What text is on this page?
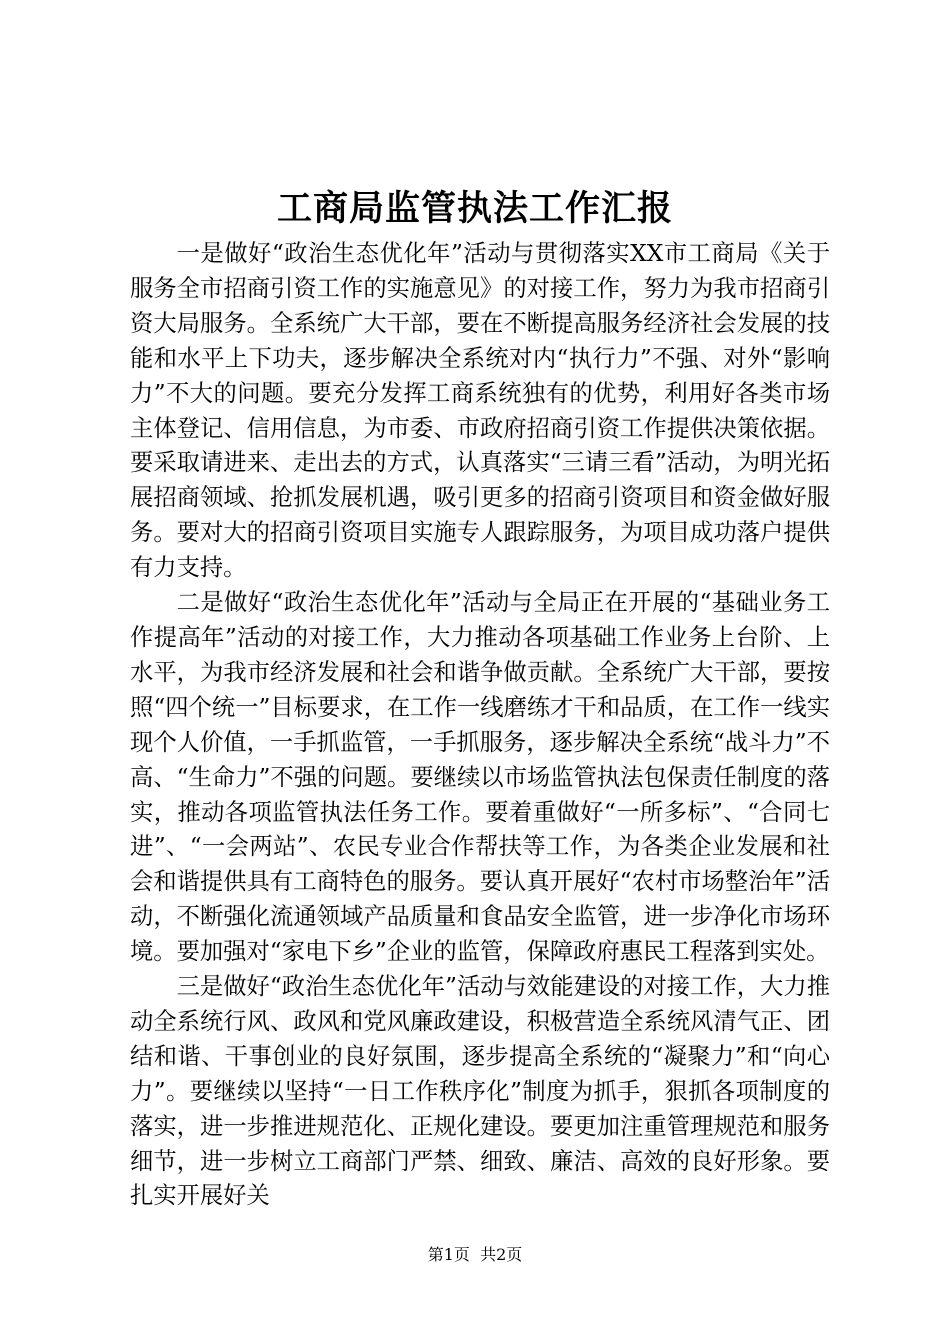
工商局监管执法工作汇报

一是做好“政治生态优化年”活动与贯彻落实XX市工商局《关于服务全市招商引资工作的实施意见》的对接工作，努力为我市招商引资大局服务。全系统广大干部，要在不断提高服务经济社会发展的技能和水平上下功夫，逐步解决全系统对内“执行力”不强、对外“影响力”不大的问题。要充分发挥工商系统独有的优势，利用好各类市场主体登记、信用信息，为市委、市政府招商引资工作提供决策依据。要采取请进来、走出去的方式，认真落实“三请三看”活动，为明光拓展招商领域、抢抓发展机遇，吸引更多的招商引资项目和资金做好服务。要对大的招商引资项目实施专人跟踪服务，为项目成功落户提供有力支持。

二是做好“政治生态优化年”活动与全局正在开展的“基础业务工作提高年”活动的对接工作，大力推动各项基础工作业务上台阶、上水平，为我市经济发展和社会和谐争做贡献。全系统广大干部，要按照“四个统一”目标要求，在工作一线磨练才干和品质，在工作一线实现个人价值，一手抓监管，一手抓服务，逐步解决全系统“战斗力”不高、“生命力”不强的问题。要继续以市场监管执法包保责任制度的落实，推动各项监管执法任务工作。要着重做好“一所多标”、“合同七进”、“一会两站”、农民专业合作帮扶等工作，为各类企业发展和社会和谐提供具有工商特色的服务。要认真开展好“农村市场整治年”活动，不断强化流通领域产品质量和食品安全监管，进一步净化市场环境。要加强对“家电下乡”企业的监管，保障政府惠民工程落到实处。

三是做好“政治生态优化年”活动与效能建设的对接工作，大力推动全系统行风、政风和党风廉政建设，积极营造全系统风清气正、团结和谐、干事创业的良好氛围，逐步提高全系统的“凝聚力”和“向心力”。要继续以坚持“一日工作秩序化”制度为抓手，狠抓各项制度的落实，进一步推进规范化、正规化建设。要更加注重管理规范和服务细节，进一步树立工商部门严禁、细致、廉洁、高效的良好形象。要扎实开展好关

第1页  共2页
